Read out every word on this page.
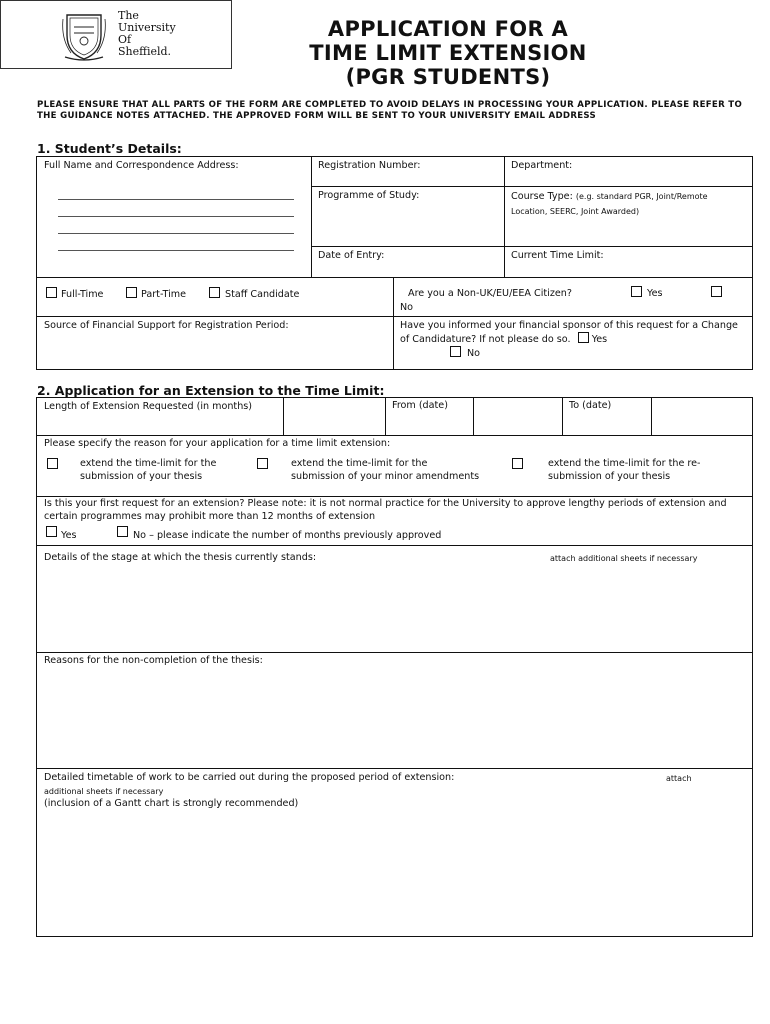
The
University
Of
Sheffield.
APPLICATION FOR A
TIME LIMIT EXTENSION
(PGR STUDENTS)
PLEASE ENSURE THAT ALL PARTS OF THE FORM ARE COMPLETED TO AVOID DELAYS IN PROCESSING YOUR APPLICATION. PLEASE REFER TO THE GUIDANCE NOTES ATTACHED. THE APPROVED FORM WILL BE SENT TO YOUR UNIVERSITY EMAIL ADDRESS
1. Student’s Details:
Full Name and Correspondence Address:	Registration Number:	Department:
Programme of Study:	Course Type: (e.g. standard PGR, Joint/Remote Location, SEERC, Joint Awarded)
Date of Entry:	Current Time Limit:
Full-Time	Part-Time	Staff Candidate	Are you a Non-UK/EU/EEA Citizen?	Yes
No
Source of Financial Support for Registration Period:	Have you informed your financial sponsor of this request for a Change of Candidature? If not please do so. Yes
No
2. Application for an Extension to the Time Limit:
Length of Extension Requested (in months)	From (date)	To (date)
Please specify the reason for your application for a time limit extension:
extend the time-limit for the submission of your thesis
extend the time-limit for the submission of your minor amendments
extend the time-limit for the re-submission of your thesis
Is this your first request for an extension? Please note: it is not normal practice for the University to approve lengthy periods of extension and certain programmes may prohibit more than 12 months of extension
Yes	No – please indicate the number of months previously approved
Details of the stage at which the thesis currently stands:	attach additional sheets if necessary
Reasons for the non-completion of the thesis:
Detailed timetable of work to be carried out during the proposed period of extension:	attach
additional sheets if necessary
(inclusion of a Gantt chart is strongly recommended)
